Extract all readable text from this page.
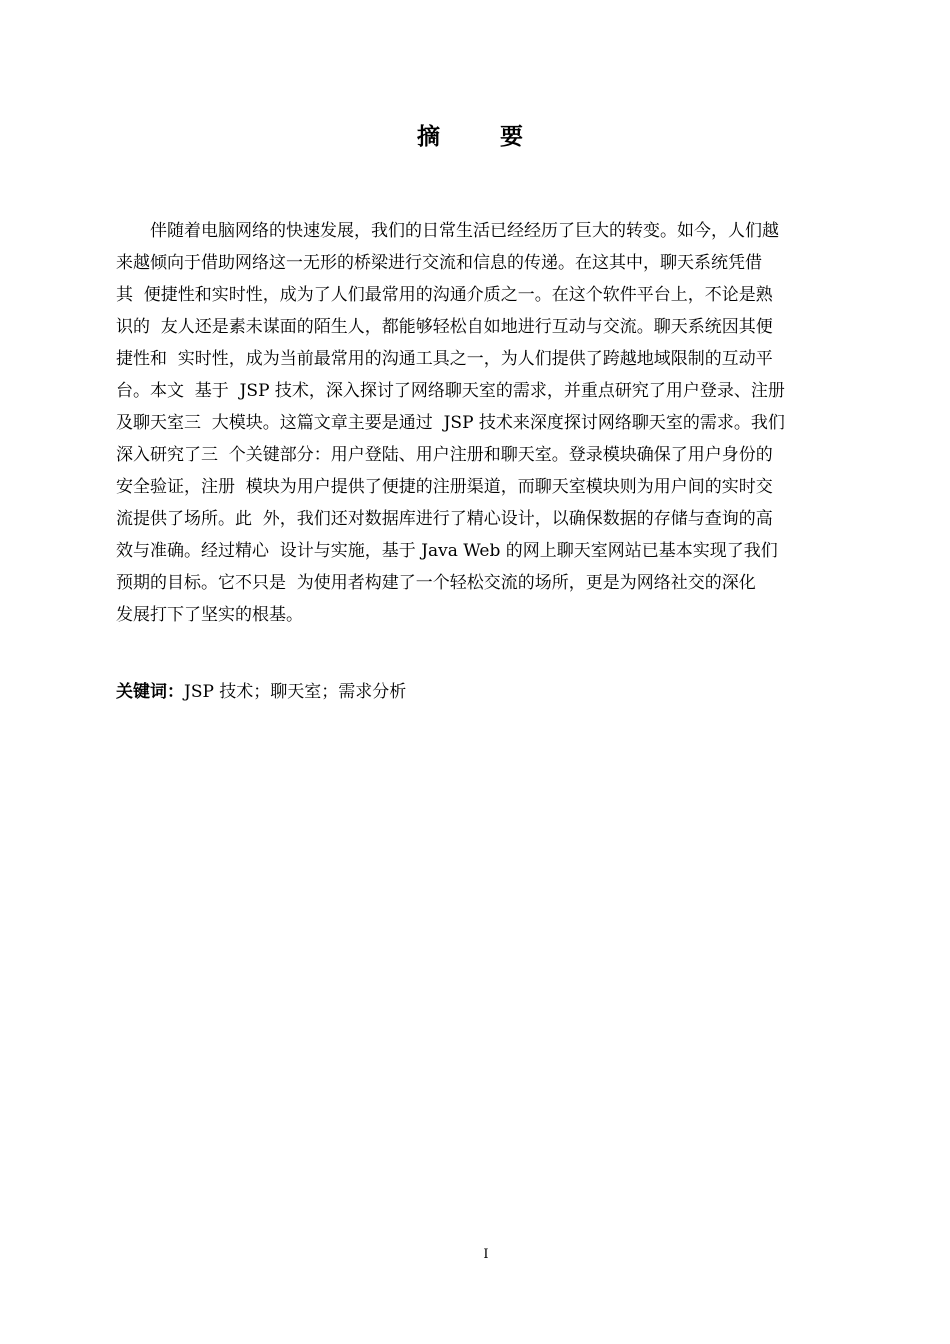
摘 要
伴随着电脑网络的快速发展，我们的日常生活已经经历了巨大的转变。如今，人们越
来越倾向于借助网络这一无形的桥梁进行交流和信息的传递。在这其中，聊天系统凭借
其  便捷性和实时性，成为了人们最常用的沟通介质之一。在这个软件平台上，不论是熟
识的  友人还是素未谋面的陌生人，都能够轻松自如地进行互动与交流。聊天系统因其便
捷性和  实时性，成为当前最常用的沟通工具之一，为人们提供了跨越地域限制的互动平
台。本文  基于  JSP 技术，深入探讨了网络聊天室的需求，并重点研究了用户登录、注册
及聊天室三  大模块。这篇文章主要是通过  JSP 技术来深度探讨网络聊天室的需求。我们
深入研究了三  个关键部分：用户登陆、用户注册和聊天室。登录模块确保了用户身份的
安全验证，注册  模块为用户提供了便捷的注册渠道，而聊天室模块则为用户间的实时交
流提供了场所。此  外，我们还对数据库进行了精心设计，以确保数据的存储与查询的高
效与准确。经过精心  设计与实施，基于 Java Web 的网上聊天室网站已基本实现了我们
预期的目标。它不只是  为使用者构建了一个轻松交流的场所，更是为网络社交的深化
发展打下了坚实的根基。
关键词：JSP 技术；聊天室；需求分析
I
